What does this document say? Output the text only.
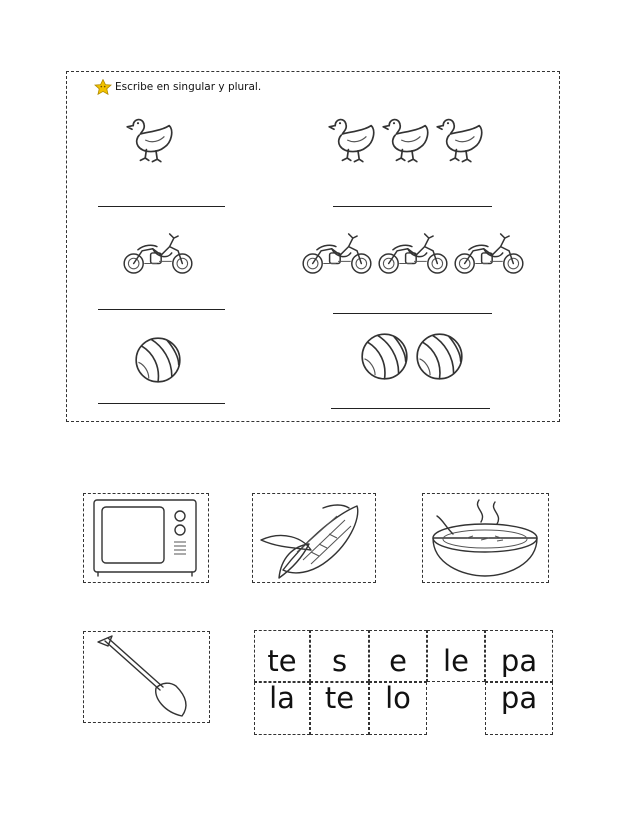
Escribe en singular y plural.
te s e le pa
la te lo	pa
